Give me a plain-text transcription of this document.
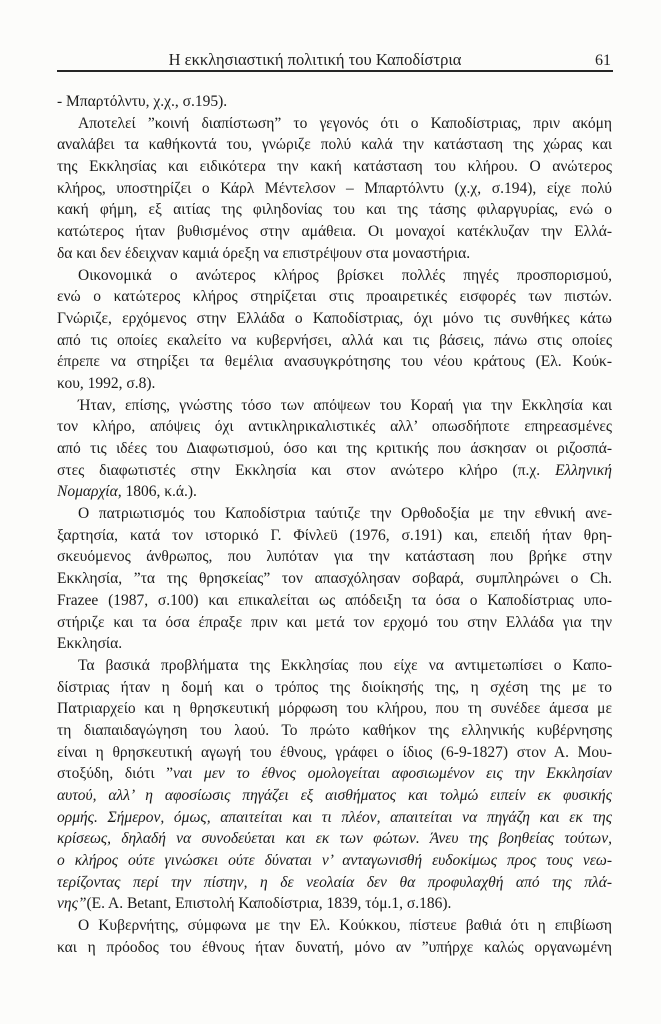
Η εκκλησιαστική πολιτική του Καποδίστρια	61
- Μπαρτόλντυ, χ.χ., σ.195).
Αποτελεί ”κοινή διαπίστωση” το γεγονός ότι ο Καποδίστριας, πριν ακόμη
αναλάβει τα καθήκοντά του, γνώριζε πολύ καλά την κατάσταση της χώρας και
της Εκκλησίας και ειδικότερα την κακή κατάσταση του κλήρου. Ο ανώτερος
κλήρος, υποστηρίζει ο Κάρλ Μέντελσον – Μπαρτόλντυ (χ.χ, σ.194), είχε πολύ
κακή φήμη, εξ αιτίας της φιληδονίας του και της τάσης φιλαργυρίας, ενώ ο
κατώτερος ήταν βυθισμένος στην αμάθεια. Οι μοναχοί κατέκλυζαν την Ελλά-
δα και δεν έδειχναν καμιά όρεξη να επιστρέψουν στα μοναστήρια.
Οικονομικά ο ανώτερος κλήρος βρίσκει πολλές πηγές προσπορισμού,
ενώ ο κατώτερος κλήρος στηρίζεται στις προαιρετικές εισφορές των πιστών.
Γνώριζε, ερχόμενος στην Ελλάδα ο Καποδίστριας, όχι μόνο τις συνθήκες κάτω
από τις οποίες εκαλείτο να κυβερνήσει, αλλά και τις βάσεις, πάνω στις οποίες
έπρεπε να στηρίξει τα θεμέλια ανασυγκρότησης του νέου κράτους (Ελ. Κούκ-
κου, 1992, σ.8).
Ήταν, επίσης, γνώστης τόσο των απόψεων του Κοραή για την Εκκλησία και
τον κλήρο, απόψεις όχι αντικληρικαλιστικές αλλ’ οπωσδήποτε επηρεασμένες
από τις ιδέες του Διαφωτισμού, όσο και της κριτικής που άσκησαν οι ριζοσπά-
στες διαφωτιστές στην Εκκλησία και στον ανώτερο κλήρο (π.χ. Ελληνική
Νομαρχία, 1806, κ.ά.).
Ο πατριωτισμός του Καποδίστρια ταύτιζε την Ορθοδοξία με την εθνική ανε-
ξαρτησία, κατά τον ιστορικό Γ. Φίνλεϋ (1976, σ.191) και, επειδή ήταν θρη-
σκευόμενος άνθρωπος, που λυπόταν για την κατάσταση που βρήκε στην
Εκκλησία, ”τα της θρησκείας” τον απασχόλησαν σοβαρά, συμπληρώνει ο Ch.
Frazee (1987, σ.100) και επικαλείται ως απόδειξη τα όσα ο Καποδίστριας υπο-
στήριζε και τα όσα έπραξε πριν και μετά τον ερχομό του στην Ελλάδα για την
Εκκλησία.
Τα βασικά προβλήματα της Εκκλησίας που είχε να αντιμετωπίσει ο Καπο-
δίστριας ήταν η δομή και ο τρόπος της διοίκησής της, η σχέση της με το
Πατριαρχείο και η θρησκευτική μόρφωση του κλήρου, που τη συνέδεε άμεσα με
τη διαπαιδαγώγηση του λαού. Το πρώτο καθήκον της ελληνικής κυβέρνησης
είναι η θρησκευτική αγωγή του έθνους, γράφει ο ίδιος (6-9-1827) στον Α. Μου-
στοξύδη, διότι ”ναι μεν το έθνος ομολογείται αφοσιωμένον εις την Εκκλησίαν
αυτού, αλλ’ η αφοσίωσις πηγάζει εξ αισθήματος και τολμώ ειπείν εκ φυσικής
ορμής. Σήμερον, όμως, απαιτείται και τι πλέον, απαιτείται να πηγάζη και εκ της
κρίσεως, δηλαδή να συνοδεύεται και εκ των φώτων. Άνευ της βοηθείας τούτων,
ο κλήρος ούτε γινώσκει ούτε δύναται ν’ ανταγωνισθή ευδοκίμως προς τους νεω-
τερίζοντας περί την πίστην, η δε νεολαία δεν θα προφυλαχθή από της πλά-
νης”(Ε. Α. Betant, Επιστολή Καποδίστρια, 1839, τόμ.1, σ.186).
Ο Κυβερνήτης, σύμφωνα με την Ελ. Κούκκου, πίστευε βαθιά ότι η επιβίωση
και η πρόοδος του έθνους ήταν δυνατή, μόνο αν ”υπήρχε καλώς οργανωμένη
